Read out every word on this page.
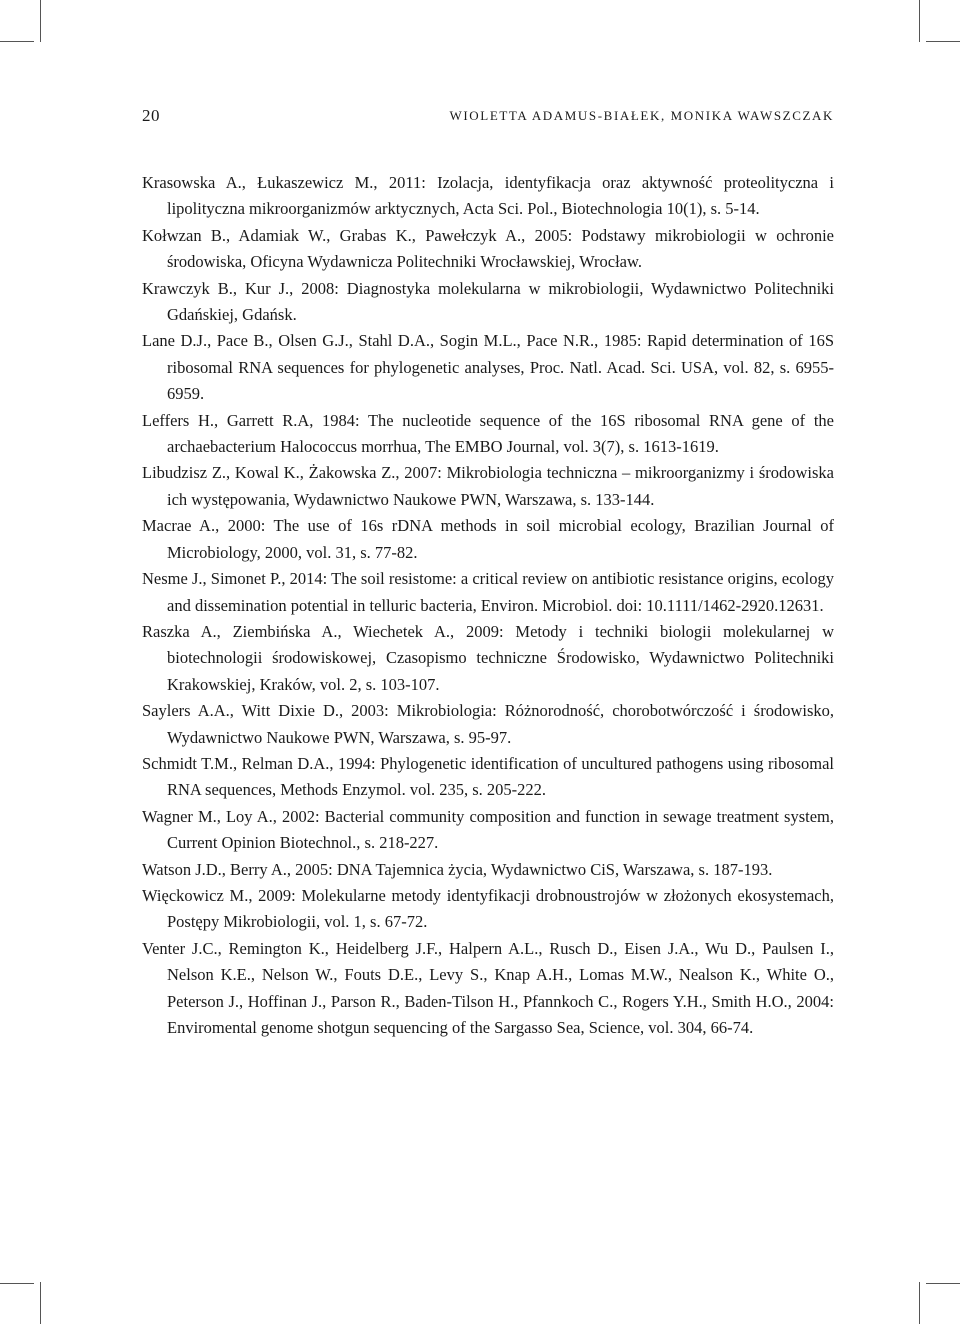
20	WIOLETTA ADAMUS-BIAŁEK, MONIKA WAWSZCZAK
Krasowska A., Łukaszewicz M., 2011: Izolacja, identyfikacja oraz aktywność proteolityczna i lipolityczna mikroorganizmów arktycznych, Acta Sci. Pol., Biotechnologia 10(1), s. 5-14.
Kołwzan B., Adamiak W., Grabas K., Pawełczyk A., 2005: Podstawy mikrobiologii w ochronie środowiska, Oficyna Wydawnicza Politechniki Wrocławskiej, Wrocław.
Krawczyk B., Kur J., 2008: Diagnostyka molekularna w mikrobiologii, Wydawnictwo Politechniki Gdańskiej, Gdańsk.
Lane D.J., Pace B., Olsen G.J., Stahl D.A., Sogin M.L., Pace N.R., 1985: Rapid determination of 16S ribosomal RNA sequences for phylogenetic analyses, Proc. Natl. Acad. Sci. USA, vol. 82, s. 6955-6959.
Leffers H., Garrett R.A, 1984: The nucleotide sequence of the 16S ribosomal RNA gene of the archaebacterium Halococcus morrhua, The EMBO Journal, vol. 3(7), s. 1613-1619.
Libudzisz Z., Kowal K., Żakowska Z., 2007: Mikrobiologia techniczna – mikroorganizmy i środowiska ich występowania, Wydawnictwo Naukowe PWN, Warszawa, s. 133-144.
Macrae A., 2000: The use of 16s rDNA methods in soil microbial ecology, Brazilian Journal of Microbiology, 2000, vol. 31, s. 77-82.
Nesme J., Simonet P., 2014: The soil resistome: a critical review on antibiotic resistance origins, ecology and dissemination potential in telluric bacteria, Environ. Microbiol. doi: 10.1111/1462-2920.12631.
Raszka A., Ziembińska A., Wiechetek A., 2009: Metody i techniki biologii molekularnej w biotechnologii środowiskowej, Czasopismo techniczne Środowisko, Wydawnictwo Politechniki Krakowskiej, Kraków, vol. 2, s. 103-107.
Saylers A.A., Witt Dixie D., 2003: Mikrobiologia: Różnorodność, chorobotwórczość i środowisko, Wydawnictwo Naukowe PWN, Warszawa, s. 95-97.
Schmidt T.M., Relman D.A., 1994: Phylogenetic identification of uncultured pathogens using ribosomal RNA sequences, Methods Enzymol. vol. 235, s. 205-222.
Wagner M., Loy A., 2002: Bacterial community composition and function in sewage treatment system, Current Opinion Biotechnol., s. 218-227.
Watson J.D., Berry A., 2005: DNA Tajemnica życia, Wydawnictwo CiS, Warszawa, s. 187-193.
Więckowicz M., 2009: Molekularne metody identyfikacji drobnoustrojów w złożonych ekosystemach, Postępy Mikrobiologii, vol. 1, s. 67-72.
Venter J.C., Remington K., Heidelberg J.F., Halpern A.L., Rusch D., Eisen J.A., Wu D., Paulsen I., Nelson K.E., Nelson W., Fouts D.E., Levy S., Knap A.H., Lomas M.W., Nealson K., White O., Peterson J., Hoffinan J., Parson R., Baden-Tilson H., Pfannkoch C., Rogers Y.H., Smith H.O., 2004: Enviromental genome shotgun sequencing of the Sargasso Sea, Science, vol. 304, 66-74.
